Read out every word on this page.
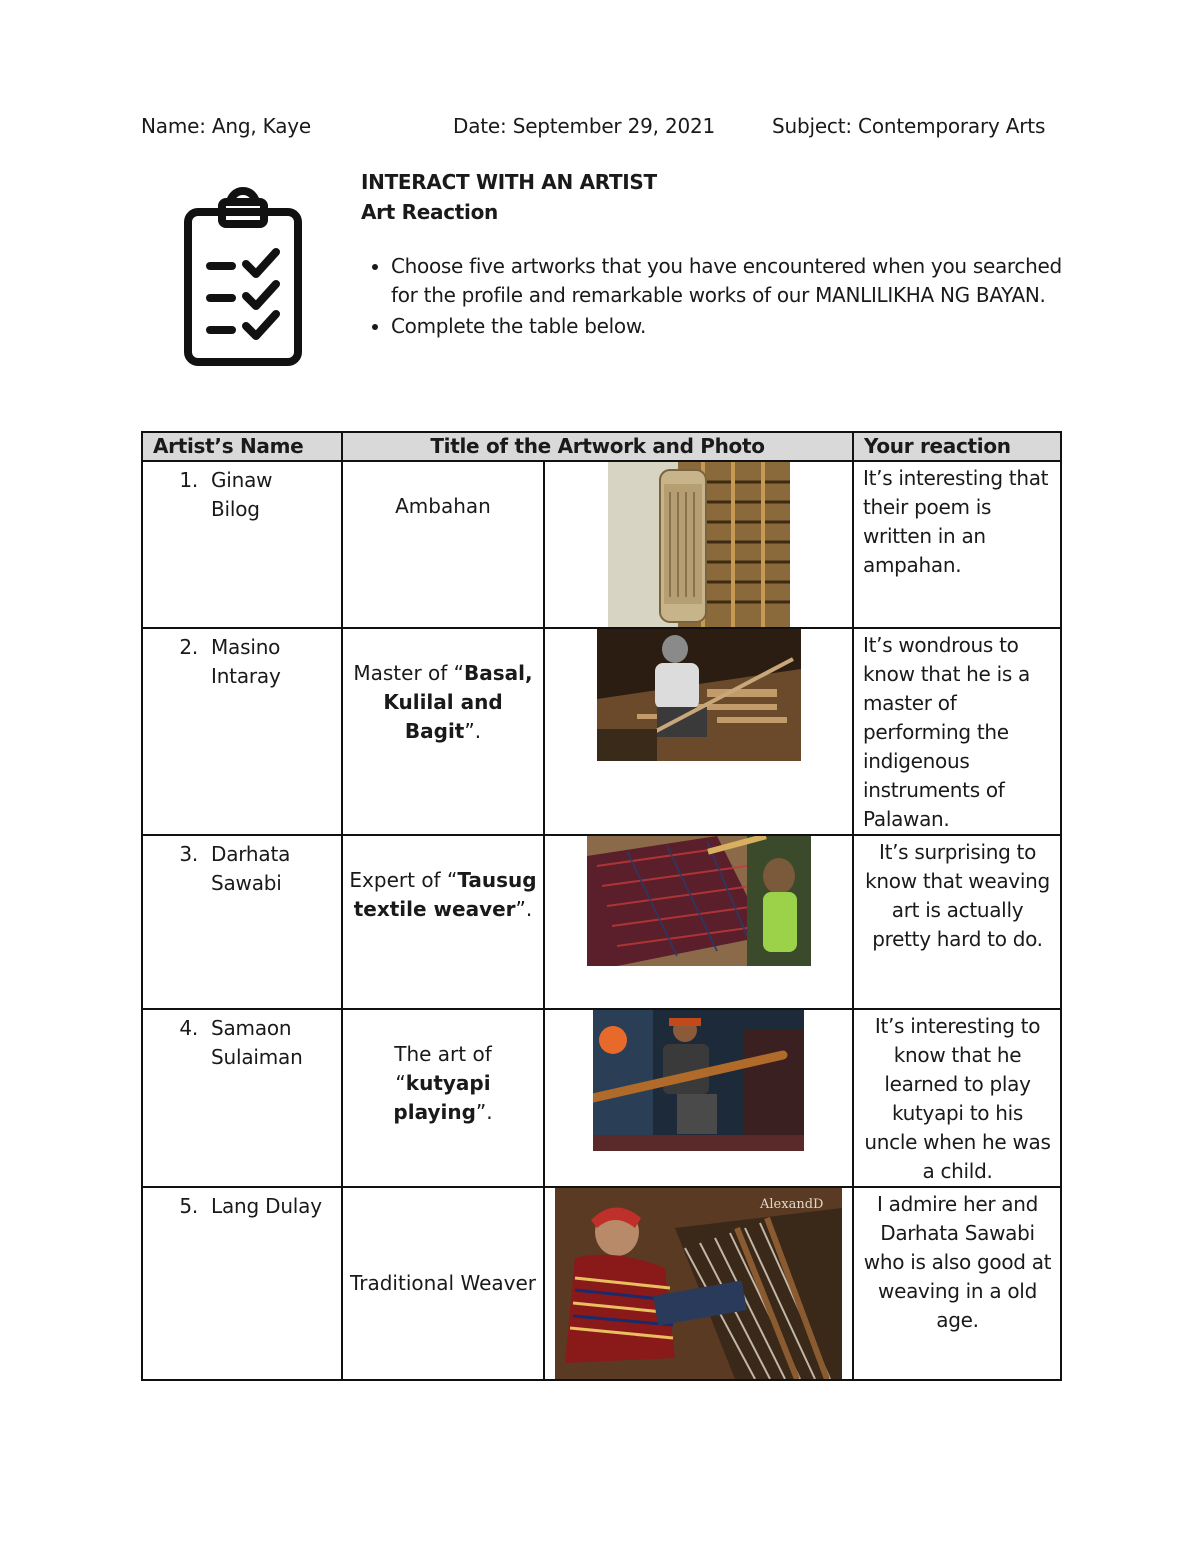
Name: Ang, Kaye	Date: September 29, 2021	Subject: Contemporary Arts
INTERACT WITH AN ARTIST
Art Reaction
• Choose five artworks that you have encountered when you searched for the profile and remarkable works of our MANLILIKHA NG BAYAN.
• Complete the table below.
Artist’s Name	Title of the Artwork and Photo		Your reaction

1. Ginaw Bilog	Ambahan		It’s interesting that their poem is written in an ampahan.

2. Masino Intaray	Master of “Basal, Kulilal and Bagit”.		It’s wondrous to know that he is a master of performing the indigenous instruments of Palawan.

3. Darhata Sawabi	Expert of “Tausug textile weaver”.		It’s surprising to know that weaving art is actually pretty hard to do.

4. Samaon Sulaiman	The art of “kutyapi playing”.		It’s interesting to know that he learned to play kutyapi to his uncle when he was a child.

5. Lang Dulay	Traditional Weaver	AlexandD	I admire her and Darhata Sawabi who is also good at weaving in a old age.
